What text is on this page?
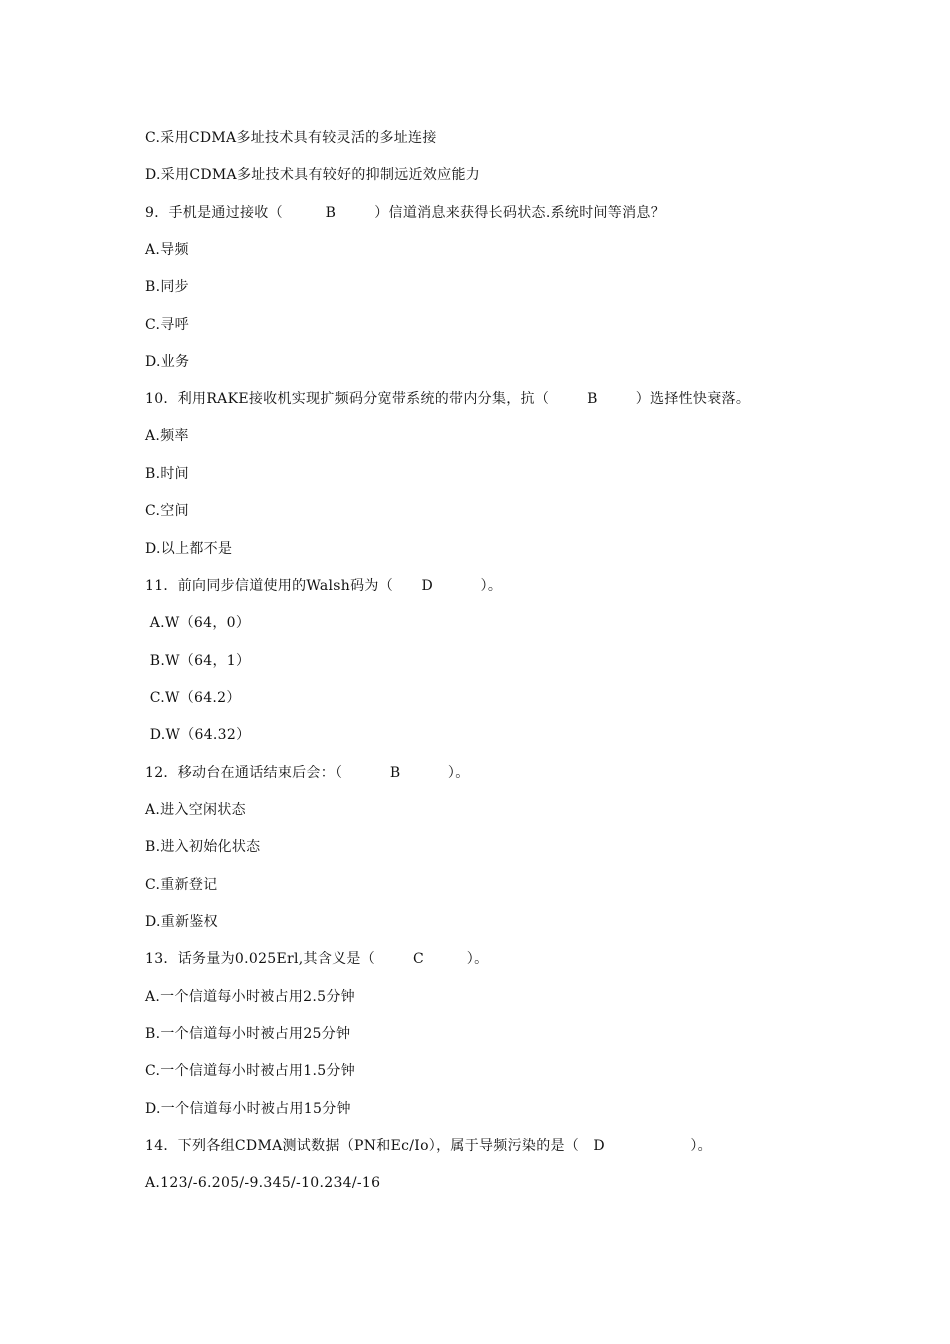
C.采用CDMA多址技术具有较灵活的多址连接
D.采用CDMA多址技术具有较好的抑制远近效应能力
9．手机是通过接收（         B        ）信道消息来获得长码状态.系统时间等消息？
A.导频
B.同步
C.寻呼
D.业务
10．利用RAKE接收机实现扩频码分宽带系统的带内分集，抗（        B        ）选择性快衰落。
A.频率
B.时间
C.空间
D.以上都不是
11．前向同步信道使用的Walsh码为（      D          ）。
A.W（64，0）
B.W（64，1）
C.W（64.2）
D.W（64.32）
12．移动台在通话结束后会：（          B          ）。
A.进入空闲状态
B.进入初始化状态
C.重新登记
D.重新鉴权
13．话务量为0.025Erl,其含义是（        C         ）。
A.一个信道每小时被占用2.5分钟
B.一个信道每小时被占用25分钟
C.一个信道每小时被占用1.5分钟
D.一个信道每小时被占用15分钟
14．下列各组CDMA测试数据（PN和Ec/Io），属于导频污染的是（   D                  ）。
A.123/-6.205/-9.345/-10.234/-16
